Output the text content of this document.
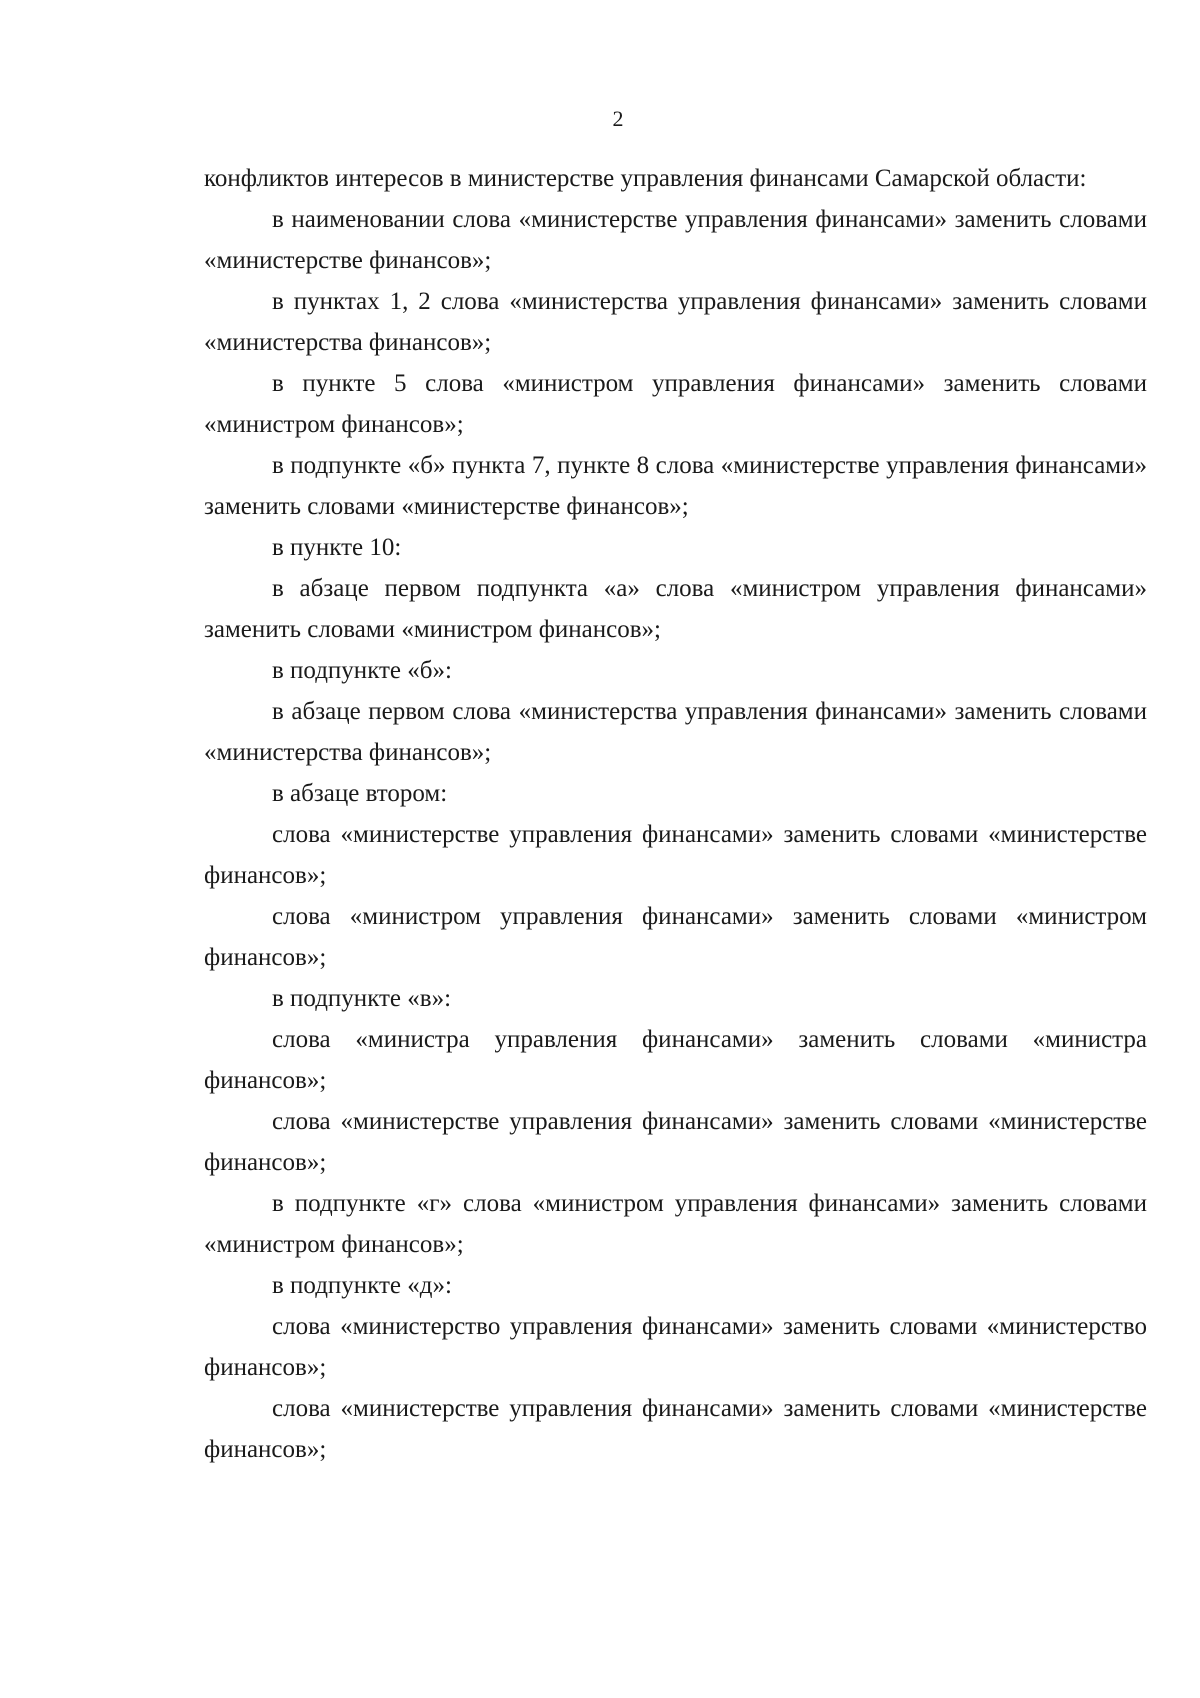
2

конфликтов интересов в министерстве управления финансами Самарской области:

в наименовании слова «министерстве управления финансами» заменить словами «министерстве финансов»;

в пунктах 1, 2 слова «министерства управления финансами» заменить словами «министерства финансов»;

в пункте 5 слова «министром управления финансами» заменить словами «министром финансов»;

в подпункте «б» пункта 7, пункте 8 слова «министерстве управления финансами» заменить словами «министерстве финансов»;

в пункте 10:

в абзаце первом подпункта «а» слова «министром управления финансами» заменить словами «министром финансов»;

в подпункте «б»:

в абзаце первом слова «министерства управления финансами» заменить словами «министерства финансов»;

в абзаце втором:

слова «министерстве управления финансами» заменить словами «министерстве финансов»;

слова «министром управления финансами» заменить словами «министром финансов»;

в подпункте «в»:

слова «министра управления финансами» заменить словами «министра финансов»;

слова «министерстве управления финансами» заменить словами «министерстве финансов»;

в подпункте «г» слова «министром управления финансами» заменить словами «министром финансов»;

в подпункте «д»:

слова «министерство управления финансами» заменить словами «министерство финансов»;

слова «министерстве управления финансами» заменить словами «министерстве финансов»;
